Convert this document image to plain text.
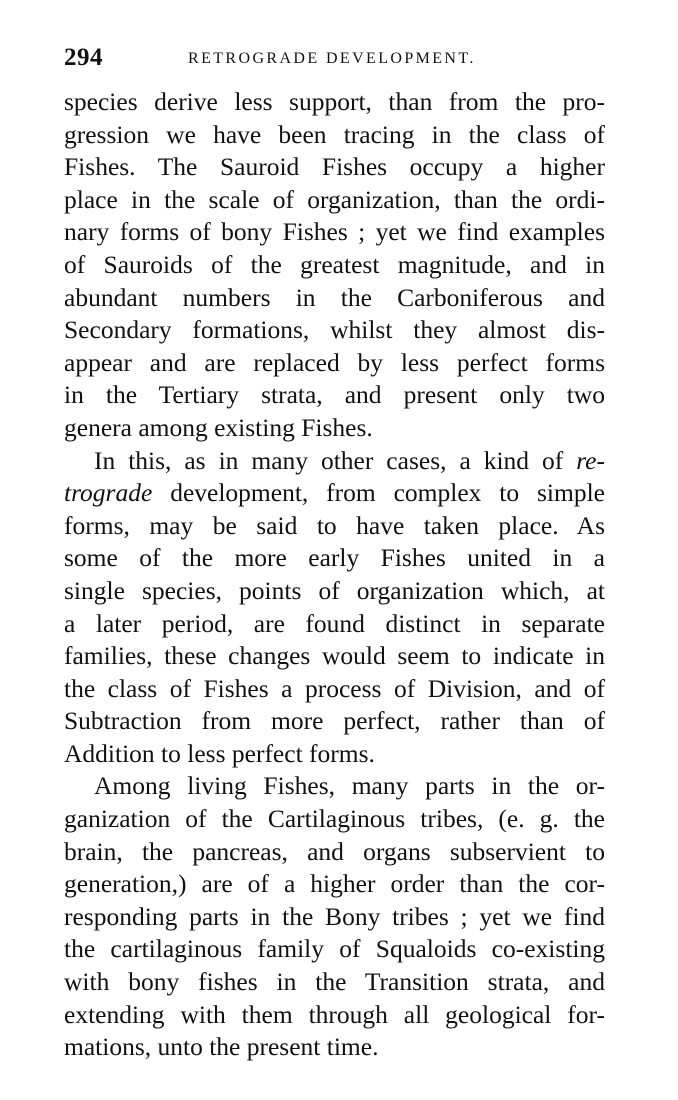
294	RETROGRADE DEVELOPMENT.
species derive less support, than from the pro-
gression we have been tracing in the class of
Fishes. The Sauroid Fishes occupy a higher
place in the scale of organization, than the ordi-
nary forms of bony Fishes ; yet we find examples
of Sauroids of the greatest magnitude, and in
abundant numbers in the Carboniferous and
Secondary formations, whilst they almost dis-
appear and are replaced by less perfect forms
in the Tertiary strata, and present only two
genera among existing Fishes.
In this, as in many other cases, a kind of re-
trograde development, from complex to simple
forms, may be said to have taken place. As
some of the more early Fishes united in a
single species, points of organization which, at
a later period, are found distinct in separate
families, these changes would seem to indicate in
the class of Fishes a process of Division, and of
Subtraction from more perfect, rather than of
Addition to less perfect forms.
Among living Fishes, many parts in the or-
ganization of the Cartilaginous tribes, (e. g. the
brain, the pancreas, and organs subservient to
generation,) are of a higher order than the cor-
responding parts in the Bony tribes ; yet we find
the cartilaginous family of Squaloids co-existing
with bony fishes in the Transition strata, and
extending with them through all geological for-
mations, unto the present time.
